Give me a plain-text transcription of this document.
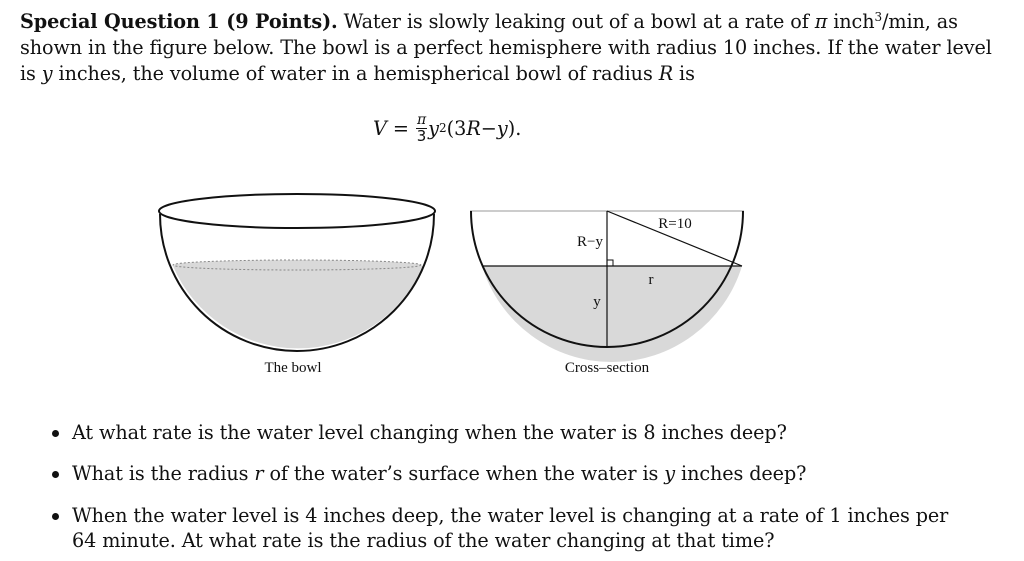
Special Question 1 (9 Points). Water is slowly leaking out of a bowl at a rate of π inch$^3$/min, as shown in the figure below. The bowl is a perfect hemisphere with radius 10 inches. If the water level is y inches, the volume of water in a hemispherical bowl of radius R is
$V = \frac{\pi}{3}$ y 2 (3 R − y ).
The bowl
R=10
R−y
r
y
Cross–section
At what rate is the water level changing when the water is 8 inches deep?
What is the radius r of the water’s surface when the water is y inches deep?
When the water level is 4 inches deep, the water level is changing at a rate of 1 inches per
64 minute. At what rate is the radius of the water changing at that time?
